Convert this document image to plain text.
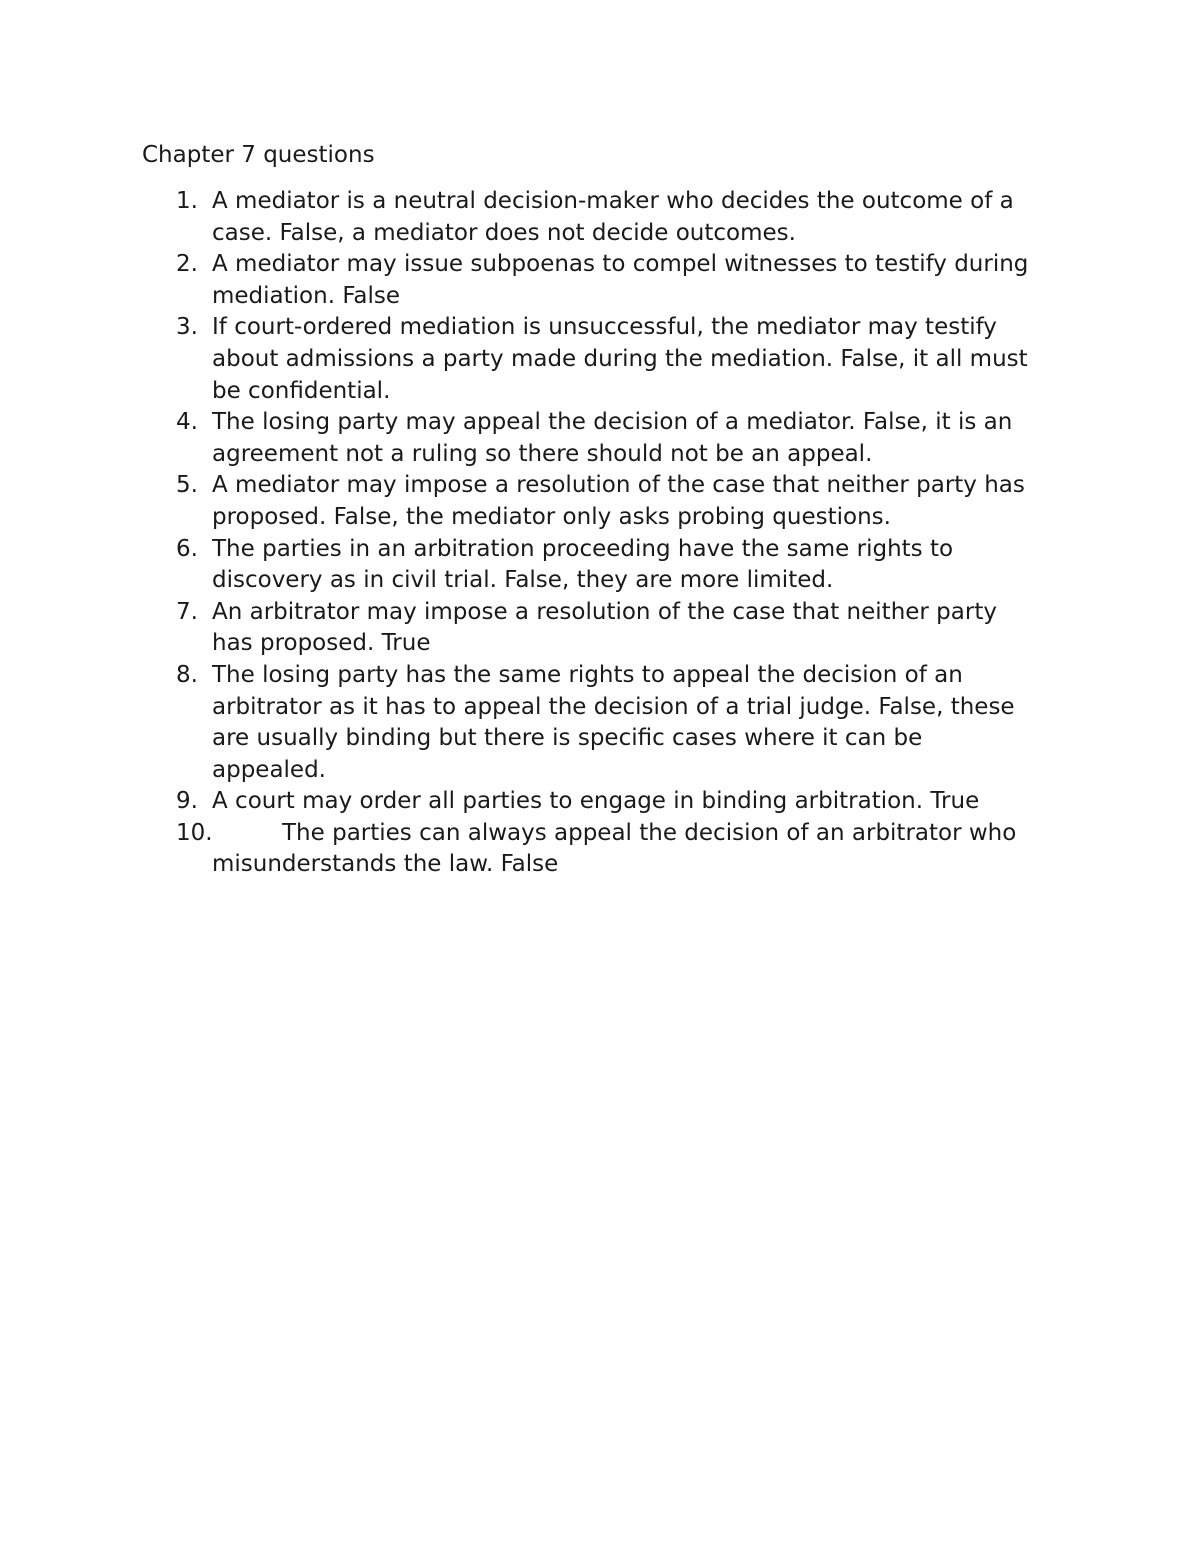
Chapter 7 questions
1. A mediator is a neutral decision-maker who decides the outcome of a
case. False, a mediator does not decide outcomes.
2. A mediator may issue subpoenas to compel witnesses to testify during
mediation. False
3. If court-ordered mediation is unsuccessful, the mediator may testify
about admissions a party made during the mediation. False, it all must
be confidential.
4. The losing party may appeal the decision of a mediator. False, it is an
agreement not a ruling so there should not be an appeal.
5. A mediator may impose a resolution of the case that neither party has
proposed. False, the mediator only asks probing questions.
6. The parties in an arbitration proceeding have the same rights to
discovery as in civil trial. False, they are more limited.
7. An arbitrator may impose a resolution of the case that neither party
has proposed. True
8. The losing party has the same rights to appeal the decision of an
arbitrator as it has to appeal the decision of a trial judge. False, these
are usually binding but there is specific cases where it can be
appealed.
9. A court may order all parties to engage in binding arbitration. True
10.	The parties can always appeal the decision of an arbitrator who
misunderstands the law. False
